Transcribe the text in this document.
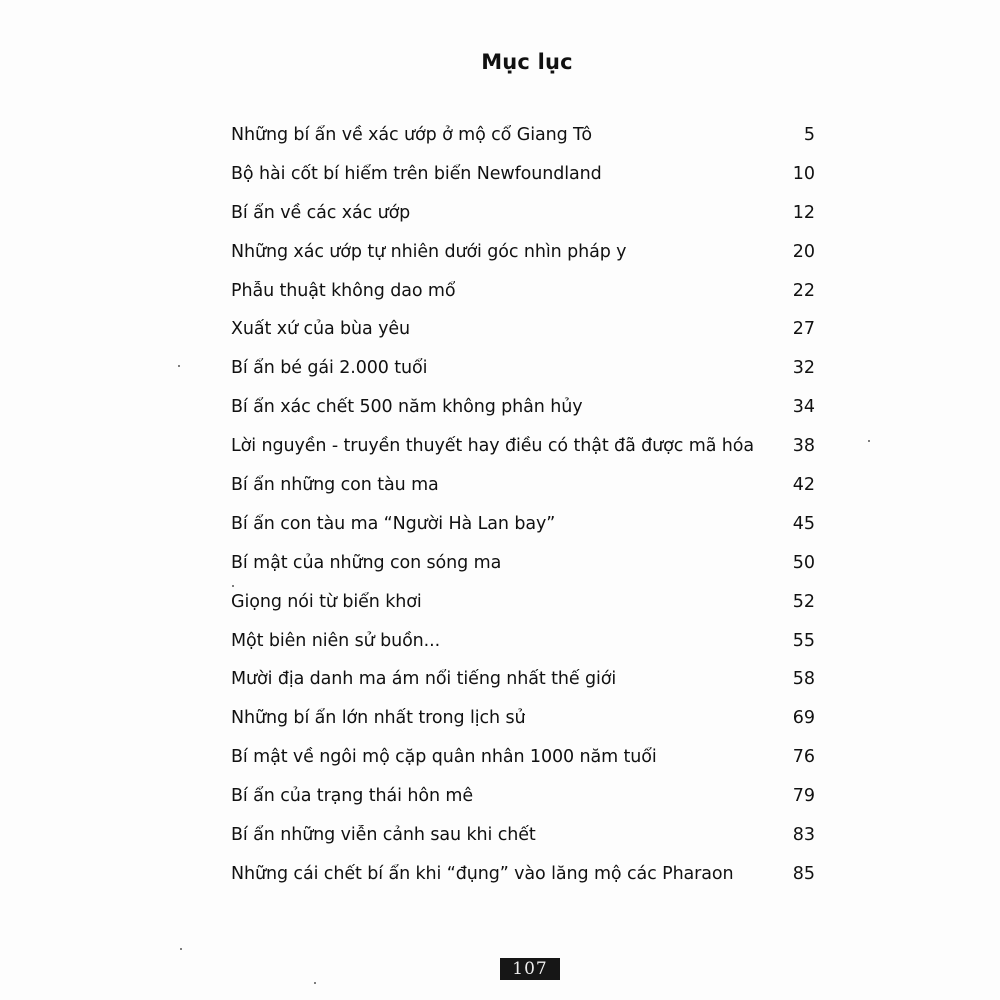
Mục lục
Những bí ẩn về xác ướp ở mộ cổ Giang Tô	5
Bộ hài cốt bí hiểm trên biển Newfoundland	10
Bí ẩn về các xác ướp	12
Những xác ướp tự nhiên dưới góc nhìn pháp y	20
Phẫu thuật không dao mổ	22
Xuất xứ của bùa yêu	27
Bí ẩn bé gái 2.000 tuổi	32
Bí ẩn xác chết 500 năm không phân hủy	34
Lời nguyền - truyền thuyết hay điều có thật đã được mã hóa	38
Bí ẩn những con tàu ma	42
Bí ẩn con tàu ma “Người Hà Lan bay”	45
Bí mật của những con sóng ma	50
Giọng nói từ biển khơi	52
Một biên niên sử buồn...	55
Mười địa danh ma ám nổi tiếng nhất thế giới	58
Những bí ẩn lớn nhất trong lịch sử	69
Bí mật về ngôi mộ cặp quân nhân 1000 năm tuổi	76
Bí ẩn của trạng thái hôn mê	79
Bí ẩn những viễn cảnh sau khi chết	83
Những cái chết bí ẩn khi “đụng” vào lăng mộ các Pharaon	85
107
